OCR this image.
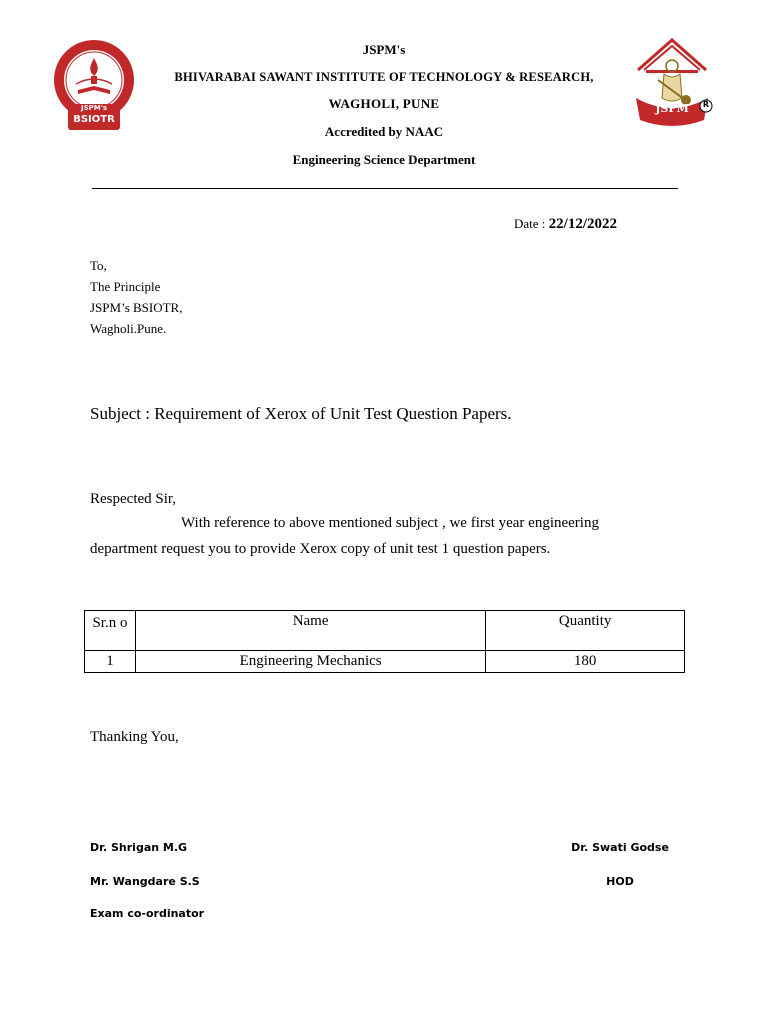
JSPM's
BSIOTR
JSPM	R
JSPM's
BHIVARABAI SAWANT INSTITUTE OF TECHNOLOGY & RESEARCH,
WAGHOLI, PUNE
Accredited by NAAC
Engineering Science Department
Date : 22/12/2022
To,
The Principle
JSPM’s BSIOTR,
Wagholi.Pune.
Subject : Requirement of Xerox of Unit Test Question Papers.
Respected Sir,
With reference to above mentioned subject , we first year engineering
department request you to provide Xerox copy of unit test 1 question papers.
Sr.n o	Name	Quantity
1	Engineering Mechanics	180
Thanking You,
Dr. Shrigan M.G
Mr. Wangdare S.S
Exam co-ordinator
Dr. Swati Godse
HOD
